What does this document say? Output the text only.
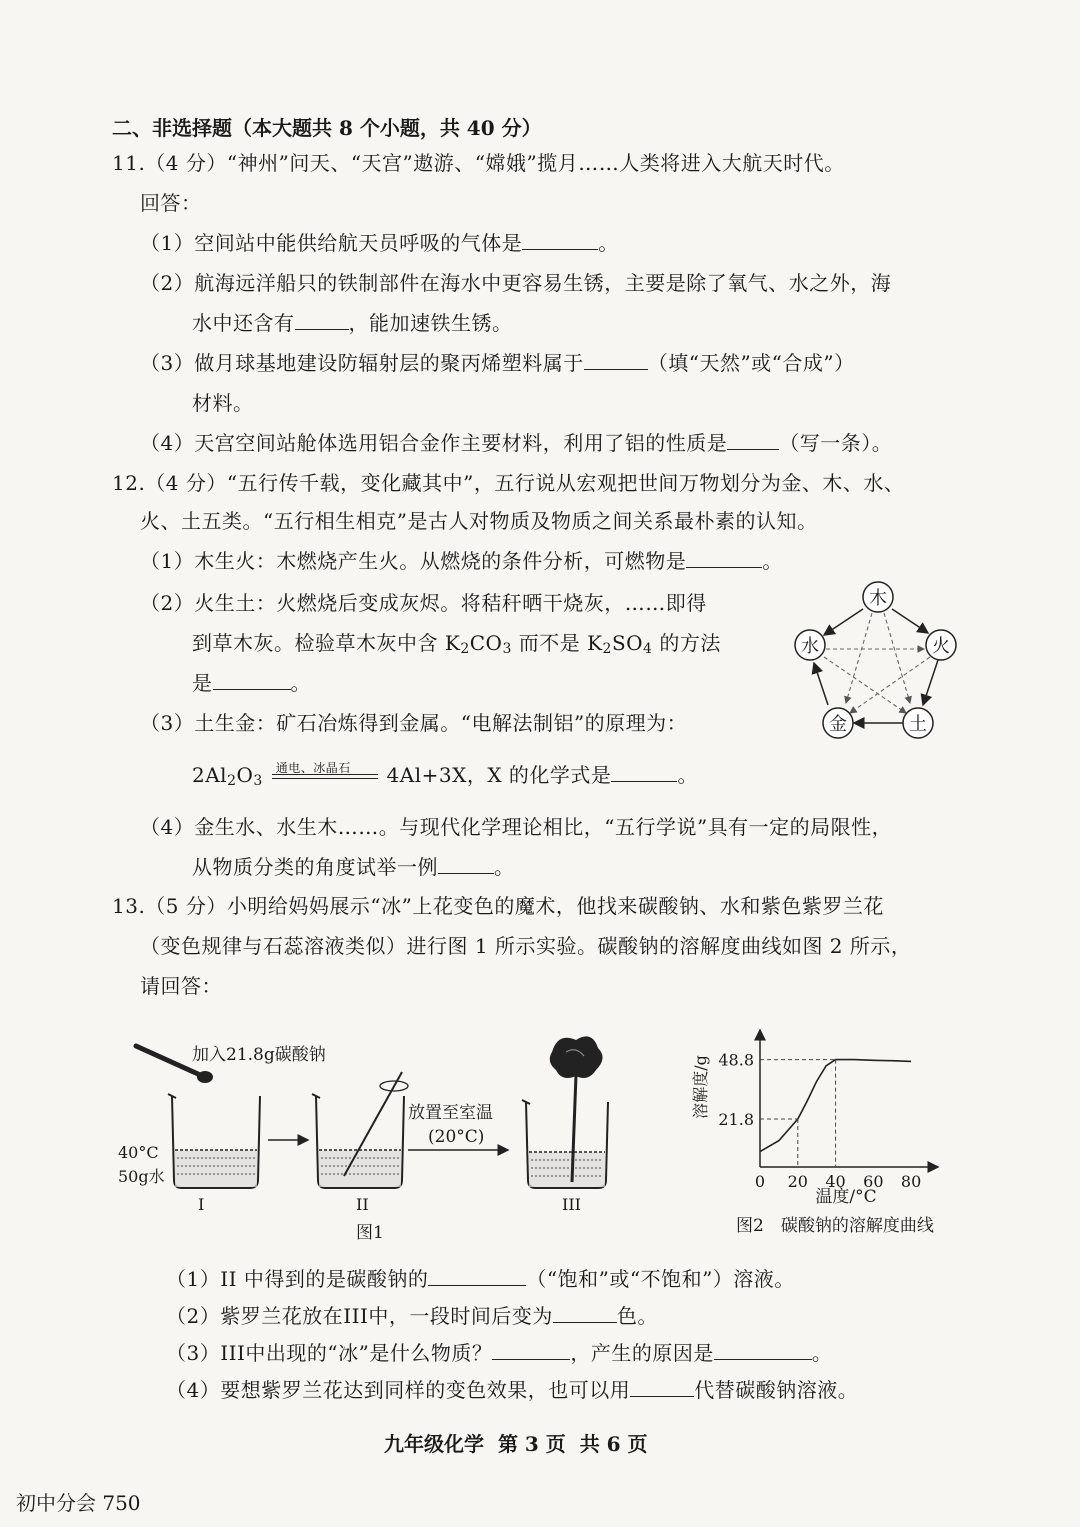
二、非选择题（本大题共 8 个小题，共 40 分）
11.（4 分）“神州”问天、“天宫”遨游、“嫦娥”揽月……人类将进入大航天时代。
回答：
（1）空间站中能供给航天员呼吸的气体是	。
（2）航海远洋船只的铁制部件在海水中更容易生锈，主要是除了氧气、水之外，海
水中还含有	，能加速铁生锈。
（3）做月球基地建设防辐射层的聚丙烯塑料属于	（填“天然”或“合成”）
材料。
（4）天宫空间站舱体选用铝合金作主要材料，利用了铝的性质是	（写一条）。
12.（4 分）“五行传千载，变化藏其中”，五行说从宏观把世间万物划分为金、木、水、
火、土五类。“五行相生相克”是古人对物质及物质之间关系最朴素的认知。
（1）木生火：木燃烧产生火。从燃烧的条件分析，可燃物是	。
（2）火生土：火燃烧后变成灰烬。将秸秆晒干烧灰，……即得
到草木灰。检验草木灰中含 K2CO3 而不是 K2SO4 的方法
是	。
（3）土生金：矿石冶炼得到金属。“电解法制铝”的原理为：
2Al2O3
通电、冰晶石 4Al+3X，X 的化学式是	。
（4）金生水、水生木……。与现代化学理论相比，“五行学说”具有一定的局限性，
从物质分类的角度试举一例	。
木
水	火
金	土
13.（5 分）小明给妈妈展示“冰”上花变色的魔术，他找来碳酸钠、水和紫色紫罗兰花
（变色规律与石蕊溶液类似）进行图 1 所示实验。碳酸钠的溶解度曲线如图 2 所示，
请回答：
加入21.8g碳酸钠
40°C
50g水
I	II
放置至室温
(20°C)
III
图1
48.8
21.8
0 20 40 60 80
溶解度/g
温度/°C
图2　碳酸钠的溶解度曲线
（1）II 中得到的是碳酸钠的	（“饱和”或“不饱和”）溶液。
（2）紫罗兰花放在III中，一段时间后变为	色。
（3）III中出现的“冰”是什么物质？	，产生的原因是	。
（4）要想紫罗兰花达到同样的变色效果，也可以用	代替碳酸钠溶液。
九年级化学 第 3 页 共 6 页
初中分会 750
